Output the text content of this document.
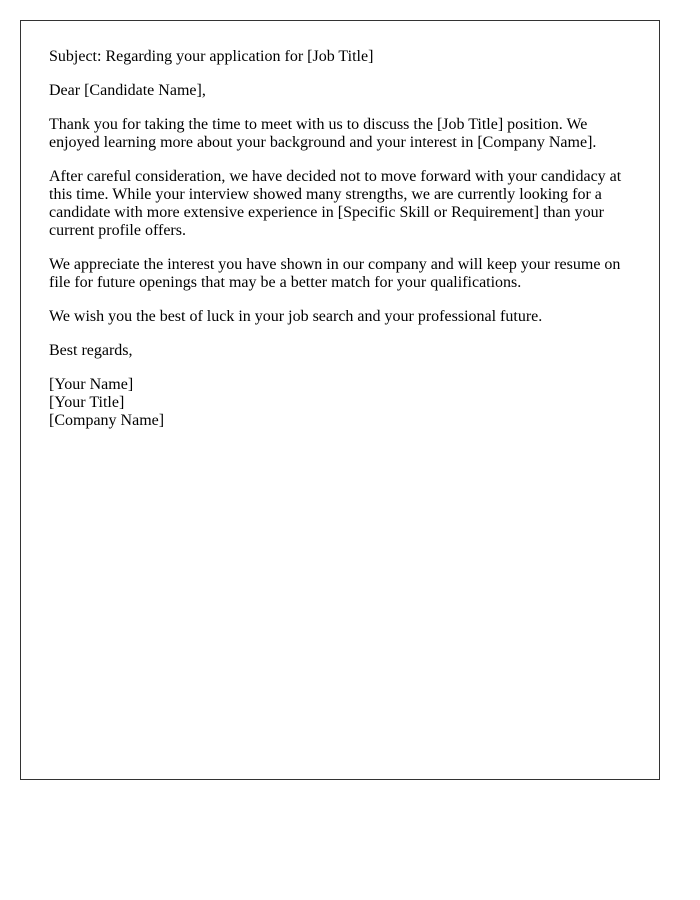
Subject: Regarding your application for [Job Title]

Dear [Candidate Name],

Thank you for taking the time to meet with us to discuss the [Job Title] position. We enjoyed learning more about your background and your interest in [Company Name].

After careful consideration, we have decided not to move forward with your candidacy at this time. While your interview showed many strengths, we are currently looking for a candidate with more extensive experience in [Specific Skill or Requirement] than your current profile offers.

We appreciate the interest you have shown in our company and will keep your resume on file for future openings that may be a better match for your qualifications.

We wish you the best of luck in your job search and your professional future.

Best regards,

[Your Name]

[Your Title]

[Company Name]
